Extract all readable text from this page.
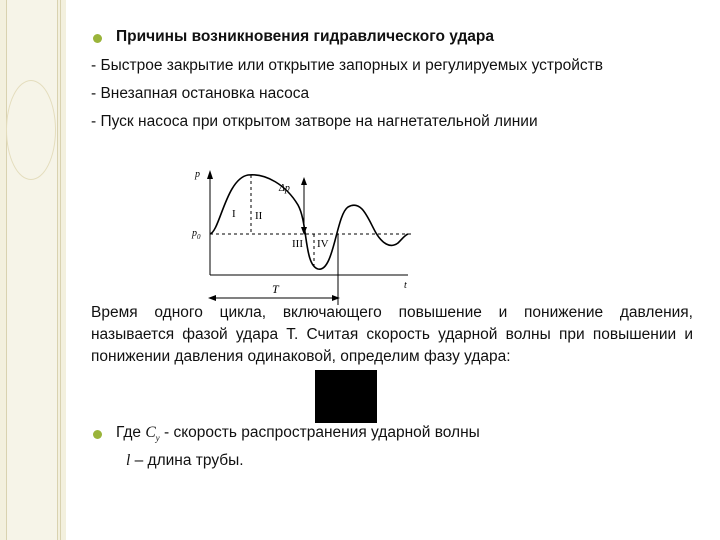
Причины возникновения гидравлического удара
- Быстрое закрытие или открытие запорных и регулируемых устройств
- Внезапная остановка насоса
- Пуск насоса при открытом затворе на нагнетательной линии
p
$p_0$
Δp
I II
III IV
T	t
Время одного цикла, включающего повышение и понижение давления, называется фазой удара T. Считая скорость ударной волны при повышении и понижении давления одинаковой, определим фазу удара:
Где $C_y$ - скорость распространения ударной волны
l – длина трубы.
